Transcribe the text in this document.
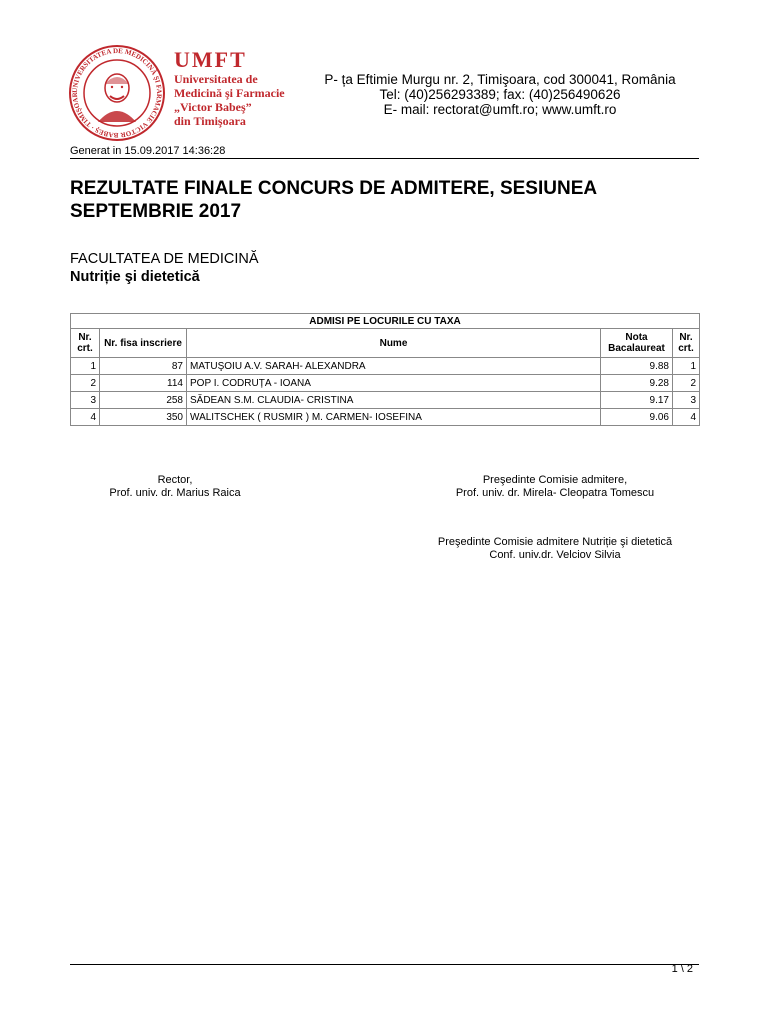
UNIVERSITATEA DE MEDICINĂ ŞI FARMACIE VICTOR BABEŞ · TIMIŞOAR
UMFT
Universitatea de
Medicină şi Farmacie
„Victor Babeş”
din Timişoara
P- ța Eftimie Murgu nr. 2, Timişoara, cod 300041, România
Tel: (40)256293389; fax: (40)256490626
E- mail: rectorat@umft.ro; www.umft.ro
Generat in 15.09.2017 14:36:28
REZULTATE FINALE CONCURS DE ADMITERE, SESIUNEA SEPTEMBRIE 2017
FACULTATEA DE MEDICINĂ
Nutriție şi dietetică
ADMISI PE LOCURILE CU TAXA				
Nr. crt.	Nr. fisa inscriere	Nume	Nota Bacalaureat	Nr. crt.
1	87	MATUŞOIU A.V. SARAH- ALEXANDRA	9.88	1
2	114	POP I. CODRUȚA - IOANA	9.28	2
3	258	SĂDEAN S.M. CLAUDIA- CRISTINA	9.17	3
4	350	WALITSCHEK ( RUSMIR ) M. CARMEN- IOSEFINA	9.06	4
Rector,
Prof. univ. dr. Marius Raica
Preşedinte Comisie admitere,
Prof. univ. dr. Mirela- Cleopatra Tomescu
Preşedinte Comisie admitere Nutriție şi dietetică
Conf. univ.dr. Velciov Silvia
1 \ 2
